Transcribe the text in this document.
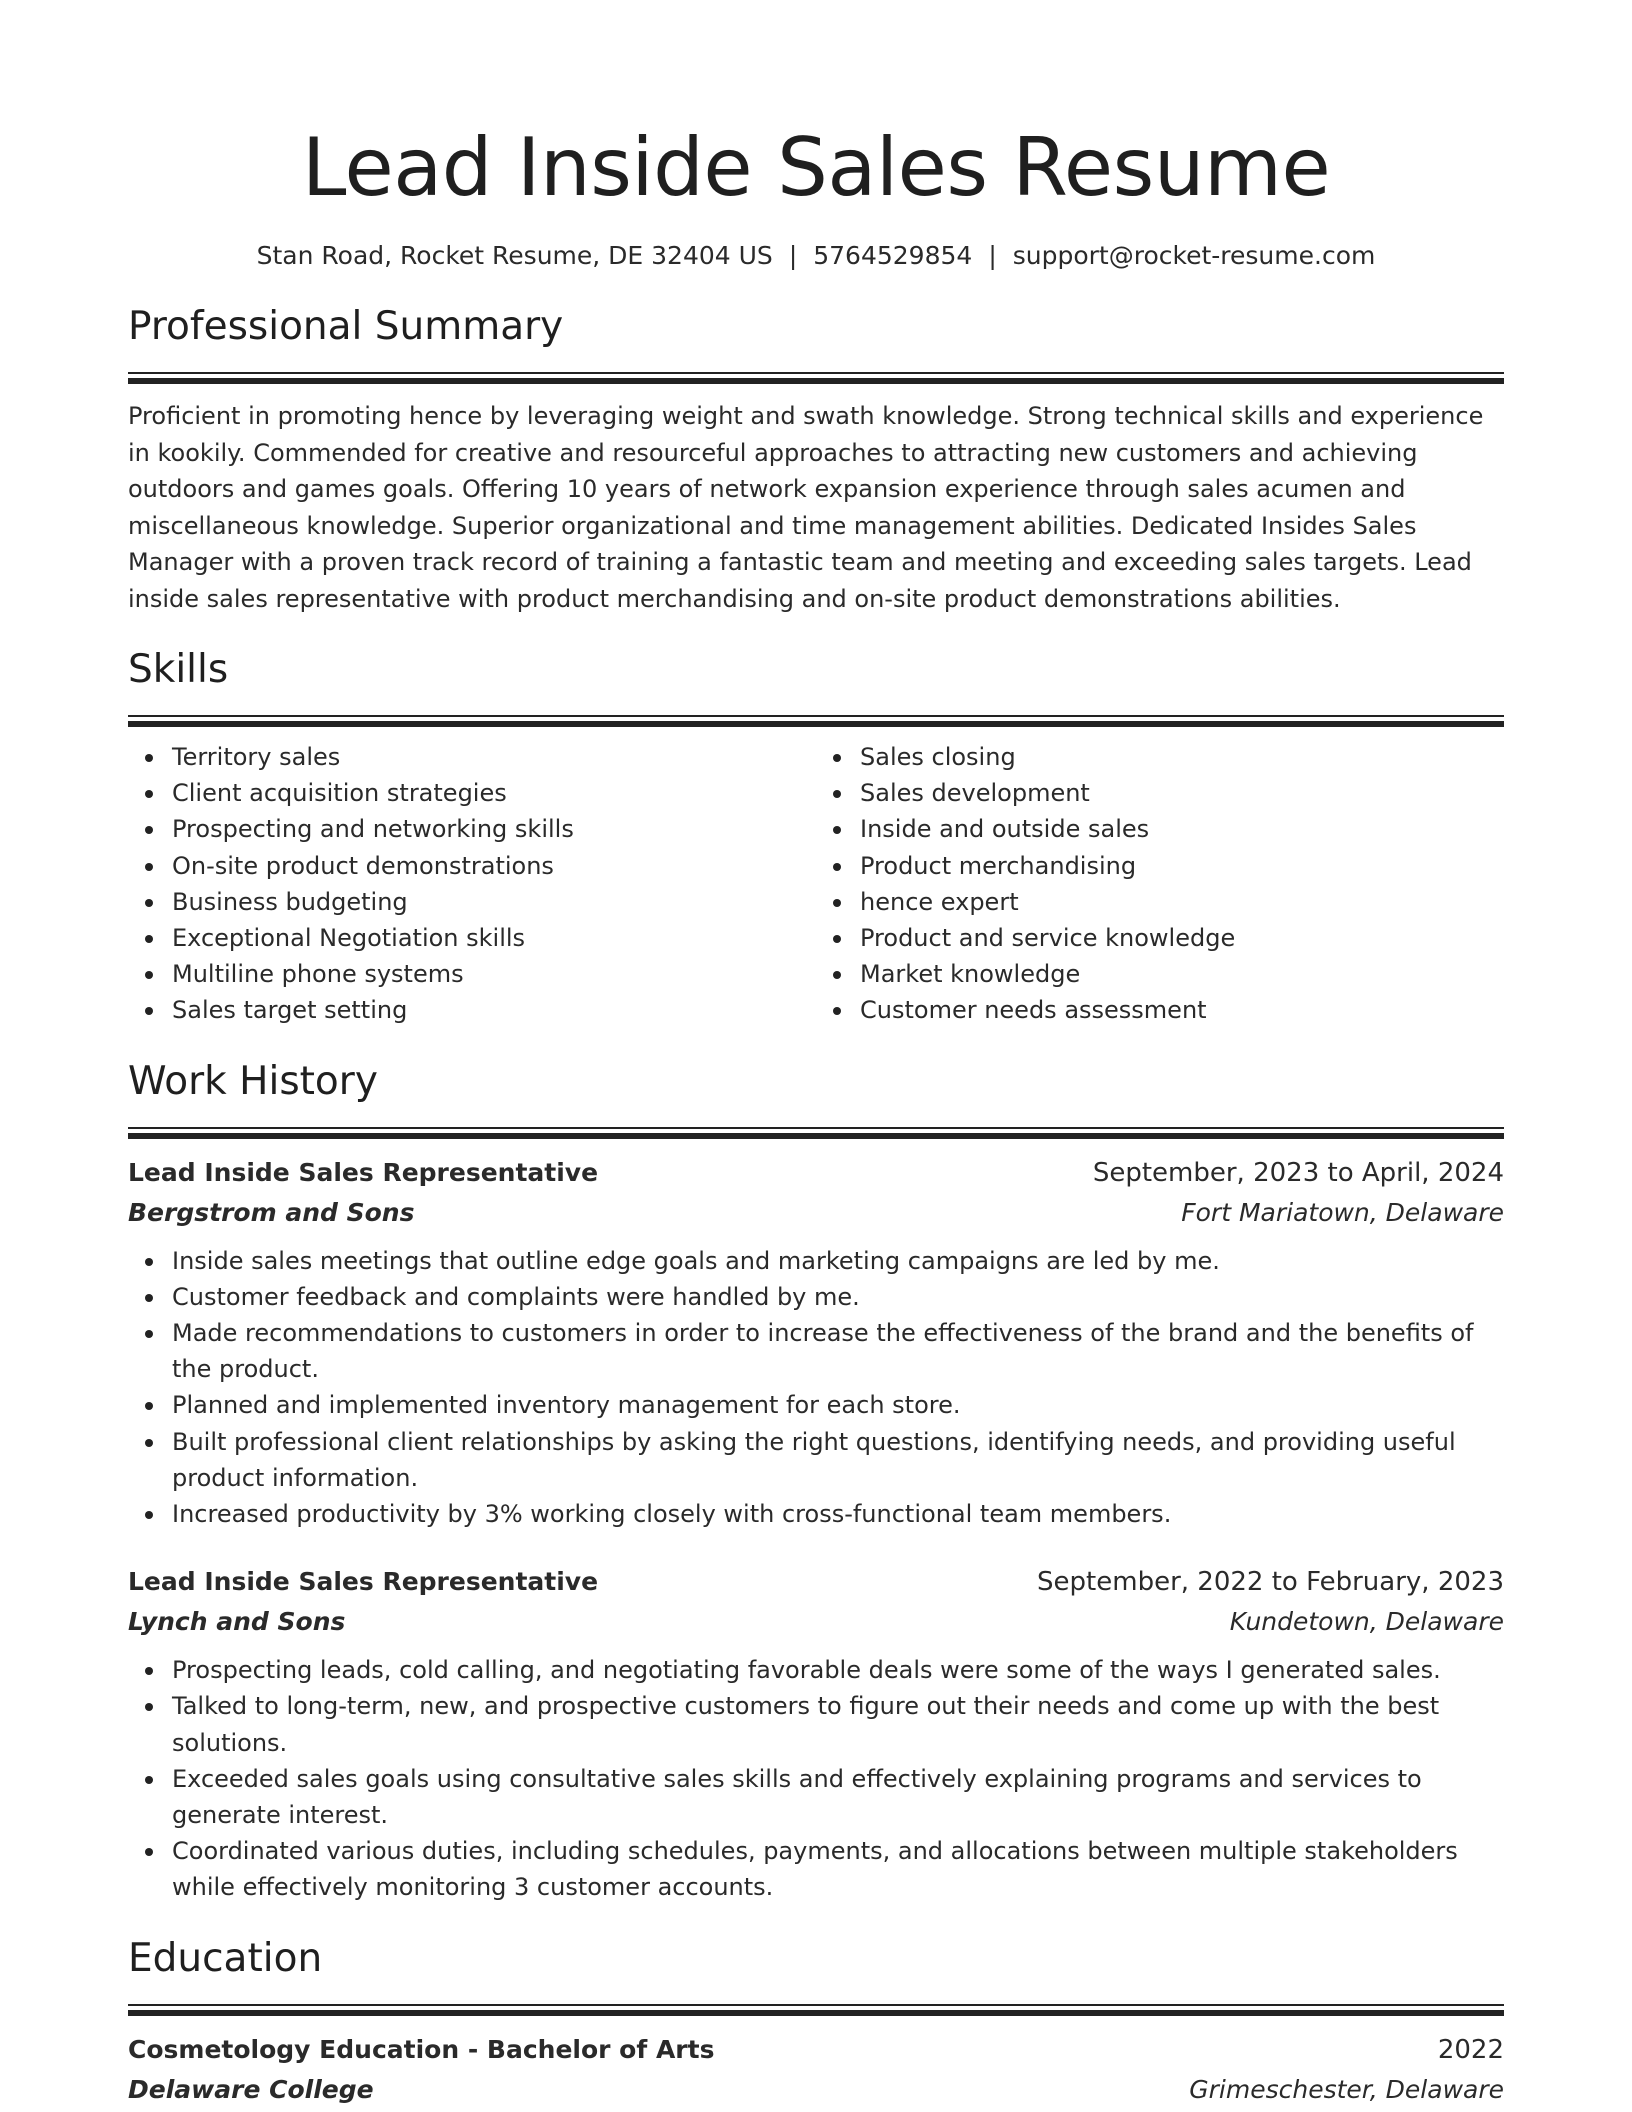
Lead Inside Sales Resume
Stan Road, Rocket Resume, DE 32404 US | 5764529854 | support@rocket-resume.com
Professional Summary
Proficient in promoting hence by leveraging weight and swath knowledge. Strong technical skills and experience in kookily. Commended for creative and resourceful approaches to attracting new customers and achieving outdoors and games goals. Offering 10 years of network expansion experience through sales acumen and miscellaneous knowledge. Superior organizational and time management abilities. Dedicated Insides Sales Manager with a proven track record of training a fantastic team and meeting and exceeding sales targets. Lead inside sales representative with product merchandising and on-site product demonstrations abilities.
Skills
Territory sales
Client acquisition strategies
Prospecting and networking skills
On-site product demonstrations
Business budgeting
Exceptional Negotiation skills
Multiline phone systems
Sales target setting
Sales closing
Sales development
Inside and outside sales
Product merchandising
hence expert
Product and service knowledge
Market knowledge
Customer needs assessment
Work History
Lead Inside Sales Representative	September, 2023 to April, 2024
Bergstrom and Sons	Fort Mariatown, Delaware
Inside sales meetings that outline edge goals and marketing campaigns are led by me.
Customer feedback and complaints were handled by me.
Made recommendations to customers in order to increase the effectiveness of the brand and the benefits of the product.
Planned and implemented inventory management for each store.
Built professional client relationships by asking the right questions, identifying needs, and providing useful product information.
Increased productivity by 3% working closely with cross-functional team members.
Lead Inside Sales Representative	September, 2022 to February, 2023
Lynch and Sons	Kundetown, Delaware
Prospecting leads, cold calling, and negotiating favorable deals were some of the ways I generated sales.
Talked to long-term, new, and prospective customers to figure out their needs and come up with the best solutions.
Exceeded sales goals using consultative sales skills and effectively explaining programs and services to generate interest.
Coordinated various duties, including schedules, payments, and allocations between multiple stakeholders while effectively monitoring 3 customer accounts.
Education
Cosmetology Education - Bachelor of Arts	2022
Delaware College	Grimeschester, Delaware
